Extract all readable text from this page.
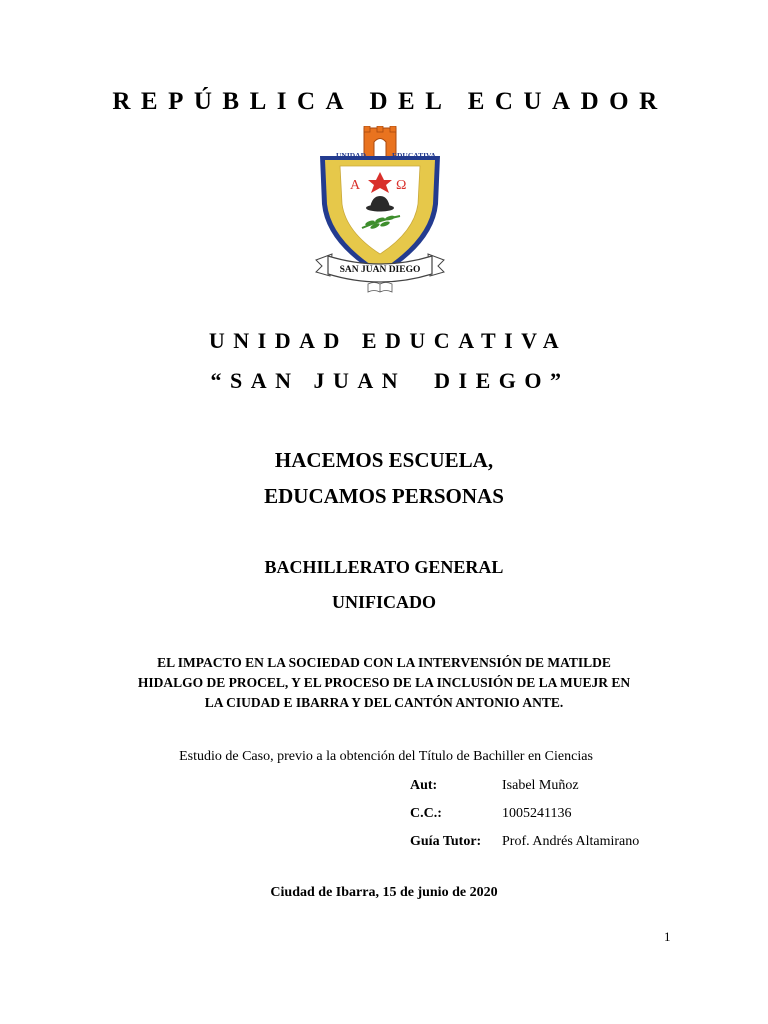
REPÚBLICA DEL ECUADOR
UNIDAD	EDUCATIVA
A	Ω
SAN JUAN DIEGO
UNIDAD EDUCATIVA
“SAN JUAN  DIEGO”
HACEMOS ESCUELA,
EDUCAMOS PERSONAS
BACHILLERATO GENERAL
UNIFICADO
EL IMPACTO EN LA SOCIEDAD CON LA INTERVENSIÓN DE MATILDE
HIDALGO DE PROCEL, Y EL PROCESO DE LA INCLUSIÓN DE LA MUEJR EN
LA CIUDAD E IBARRA Y DEL CANTÓN ANTONIO ANTE.
Estudio de Caso, previo a la obtención del Título de Bachiller en Ciencias
Aut:	Isabel Muñoz
C.C.:	1005241136
Guía Tutor: Prof. Andrés Altamirano
Ciudad de Ibarra, 15 de junio de 2020
1
